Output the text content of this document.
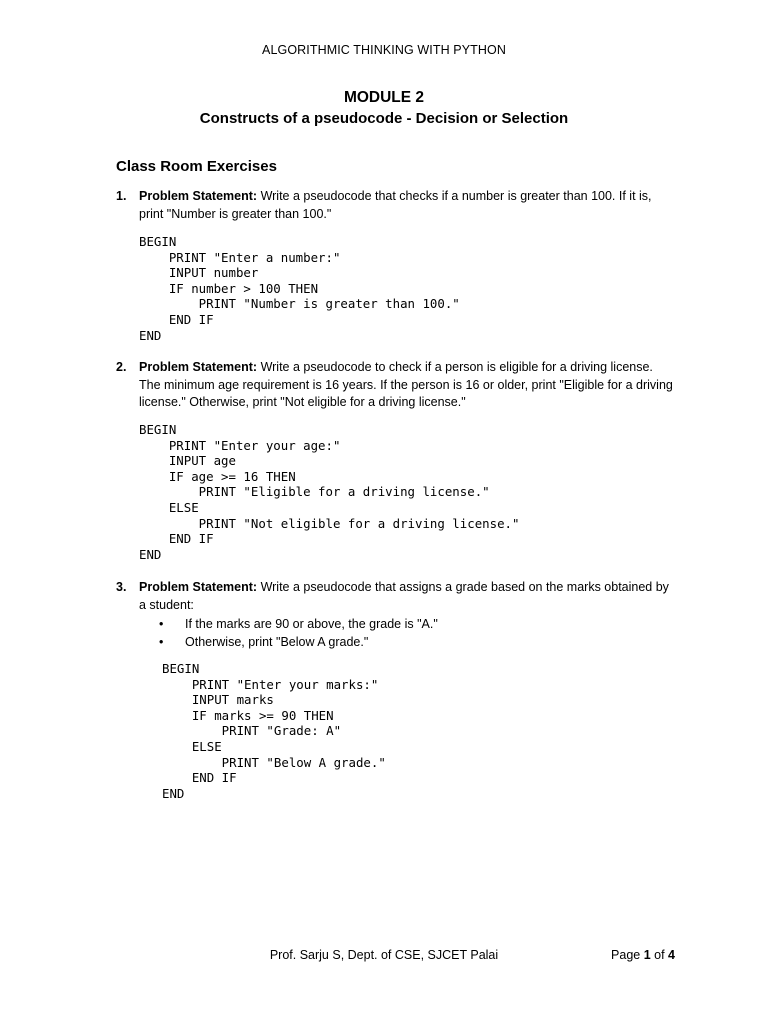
ALGORITHMIC THINKING WITH PYTHON
MODULE 2
Constructs of a pseudocode - Decision or Selection
Class Room Exercises
1. Problem Statement: Write a pseudocode that checks if a number is greater than 100. If it is, print "Number is greater than 100."
BEGIN
PRINT "Enter a number:"
INPUT number
IF number > 100 THEN
PRINT "Number is greater than 100."
END IF
END
2. Problem Statement: Write a pseudocode to check if a person is eligible for a driving license. The minimum age requirement is 16 years. If the person is 16 or older, print "Eligible for a driving license." Otherwise, print "Not eligible for a driving license."
BEGIN
PRINT "Enter your age:"
INPUT age
IF age >= 16 THEN
PRINT "Eligible for a driving license."
ELSE
PRINT "Not eligible for a driving license."
END IF
END
3. Problem Statement: Write a pseudocode that assigns a grade based on the marks obtained by a student:
• If the marks are 90 or above, the grade is "A."
• Otherwise, print "Below A grade."
BEGIN
PRINT "Enter your marks:"
INPUT marks
IF marks >= 90 THEN
PRINT "Grade: A"
ELSE
PRINT "Below A grade."
END IF
END
Prof. Sarju S, Dept. of CSE, SJCET Palai	Page 1 of 4
